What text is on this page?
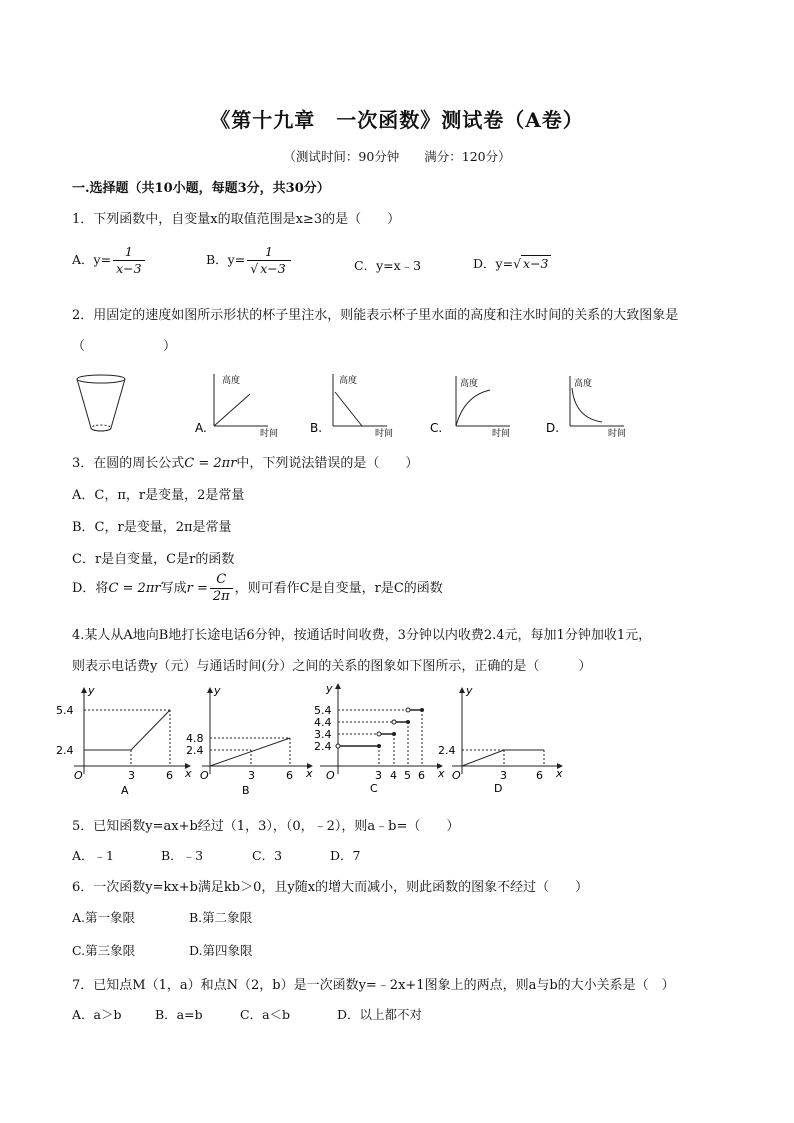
《第十九章　一次函数》测试卷（A卷）
（测试时间：90分钟　　满分：120分）
一.选择题（共10小题，每题3分，共30分）
1．下列函数中，自变量x的取值范围是x≥3的是（　　）
A．$y= \frac{1}{x-3}$	B．$y= \frac{1}{√ x-3}$	C．y=x﹣3	D．y=√ x−3
2．用固定的速度如图所示形状的杯子里注水，则能表示杯子里水面的高度和注水时间的关系的大致图象是
（　　　　　　）
A.
高度
时间	B.
高度
时间	C.
高度
时间	D.
高度
时间
3．在圆的周长公式C = 2πr中，下列说法错误的是（　　）
A．C，π，r是变量，2是常量
B．C，r是变量，2π是常量
C．r是自变量，C是r的函数
D．将C = 2πr写成$r = \frac{C}{2\pi}$ ，则可看作C是自变量，r是C的函数
4.某人从A地向B地打长途电话6分钟，按通话时间收费，3分钟以内收费2.4元，每加1分钟加收1元，
则表示电话费y（元）与通话时间(分）之间的关系的图象如下图所示，正确的是（　　　）
y
x
O
5.4
2.4
3	6
A
y
x
O
4.8
2.4
3	6
B
y
x
O
5.4
4.4
3.4
2.4
3 4 5 6
C
y
x
O
2.4
3	6
D
5．已知函数y=ax+b经过（1，3），（0，﹣2），则a﹣b=（　　）
A．﹣1	B．﹣3	C．3	D．7
6．一次函数y=kx+b满足kb＞0，且y随x的增大而减小，则此函数的图象不经过（　　）
A.第一象限	B.第二象限
C.第三象限	D.第四象限
7．已知点M（1，a）和点N（2，b）是一次函数y=﹣2x+1图象上的两点，则a与b的大小关系是（　）
A．a＞b	B．a=b	C．a＜b	D．以上都不对
